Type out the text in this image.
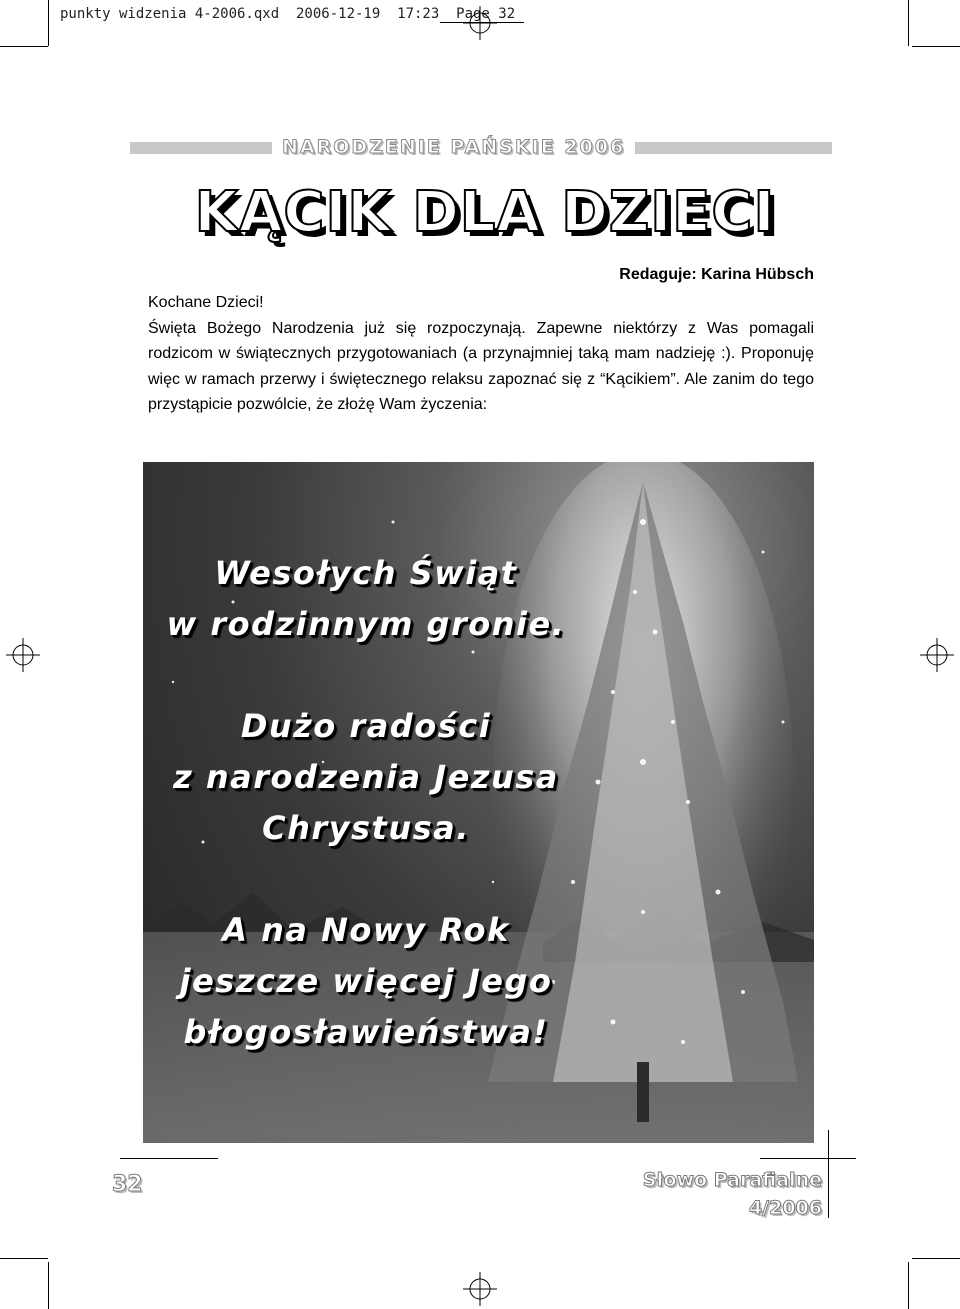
punkty widzenia 4-2006.qxd  2006-12-19  17:23  Page 32
NARODZENIE PAŃSKIE 2006
KĄCIK DLA DZIECI
Redaguje: Karina Hübsch

Kochane Dzieci!

Święta Bożego Narodzenia już się rozpoczynają. Zapewne niektórzy z Was pomagali rodzicom w świątecznych przygotowaniach (a przynajmniej taką mam nadzieję :). Proponuję więc w ramach przerwy i świętecznego relaksu zapoznać się z “Kącikiem”. Ale zanim do tego przystąpicie pozwólcie, że złożę Wam życzenia:

Wesołych Świąt
w rodzinnym gronie.
Dużo radości
z narodzenia Jezusa
Chrystusa.
A na Nowy Rok
jeszcze więcej Jego
błogosławieństwa!
32	Słowo Parafialne
4/2006
